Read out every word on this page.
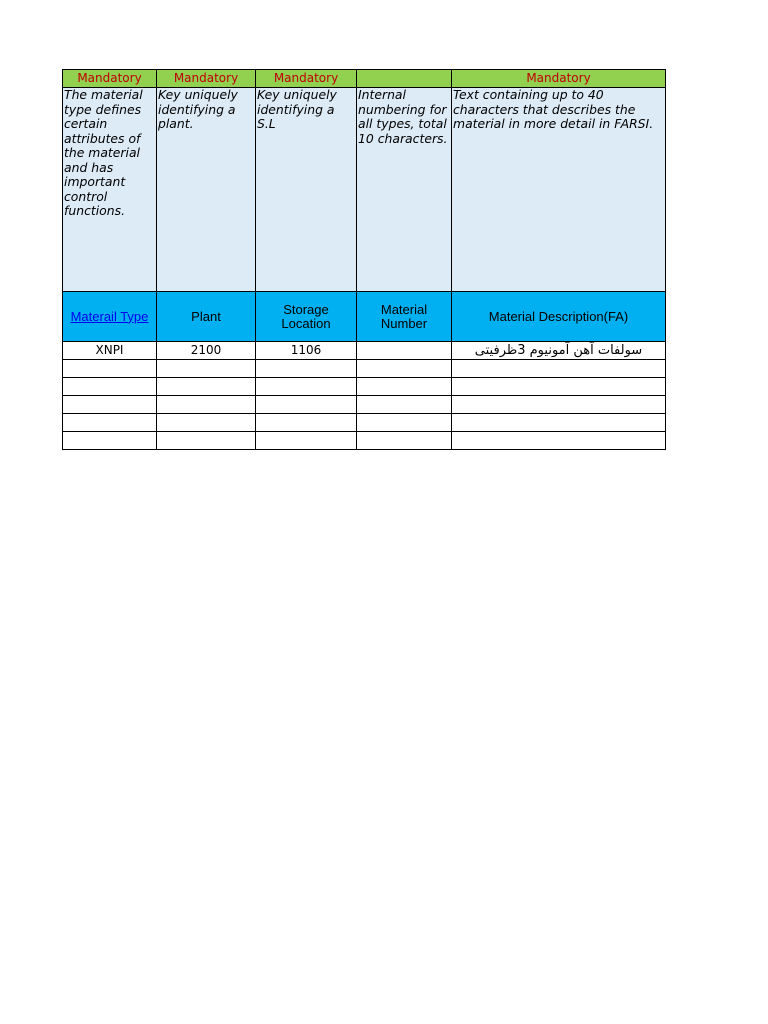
Mandatory	Mandatory	Mandatory		Mandatory
The material type defines certain attributes of the material and has important control functions.	Key uniquely identifying a plant.	Key uniquely identifying a S.L	Internal numbering for all types, total 10 characters.	Text containing up to 40 characters that describes the material in more detail in FARSI.
Materail Type	Plant	Storage Location	Material Number	Material Description(FA)
XNPI	2100	1106		سولفات آهن آمونیوم 3ظرفیتی
